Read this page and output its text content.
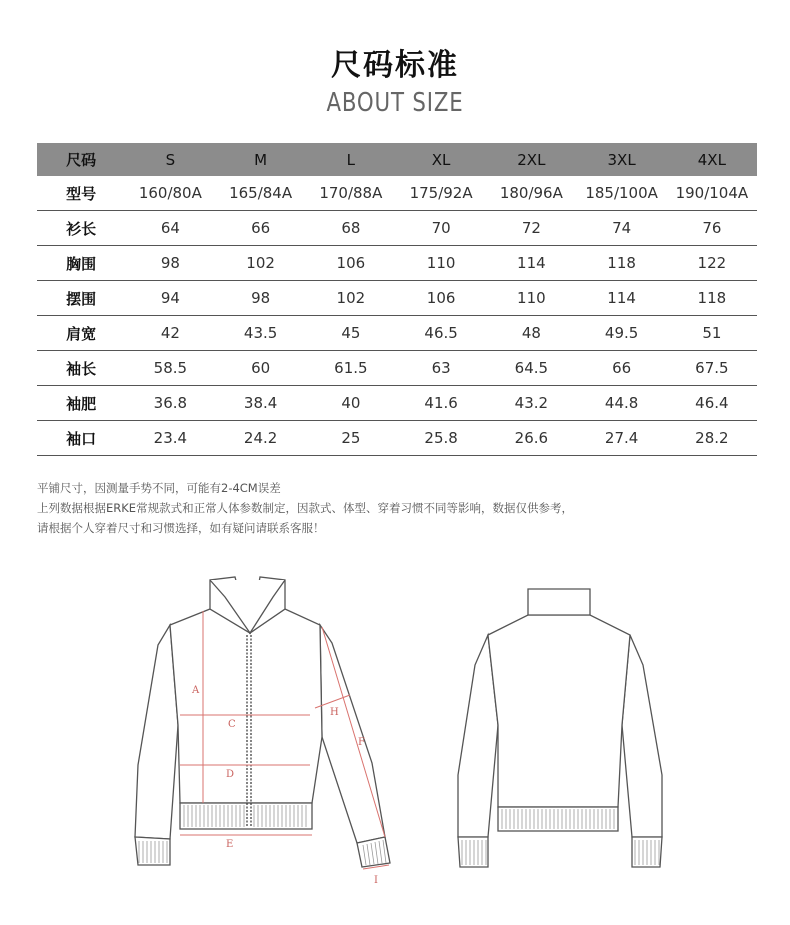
尺码标准
ABOUT SIZE
尺码	S	M	L	XL	2XL	3XL	4XL
型号	160/80A	165/84A	170/88A	175/92A	180/96A	185/100A	190/104A
衫长	64	66	68	70	72	74	76
胸围	98	102	106	110	114	118	122
摆围	94	98	102	106	110	114	118
肩宽	42	43.5	45	46.5	48	49.5	51
袖长	58.5	60	61.5	63	64.5	66	67.5
袖肥	36.8	38.4	40	41.6	43.2	44.8	46.4
袖口	23.4	24.2	25	25.8	26.6	27.4	28.2
平铺尺寸，因测量手势不同，可能有2-4CM误差
上列数据根据ERKE常规款式和正常人体参数制定，因款式、体型、穿着习惯不同等影响，数据仅供参考，
请根据个人穿着尺寸和习惯选择，如有疑问请联系客服！
A
C
D
E
F
H
I
